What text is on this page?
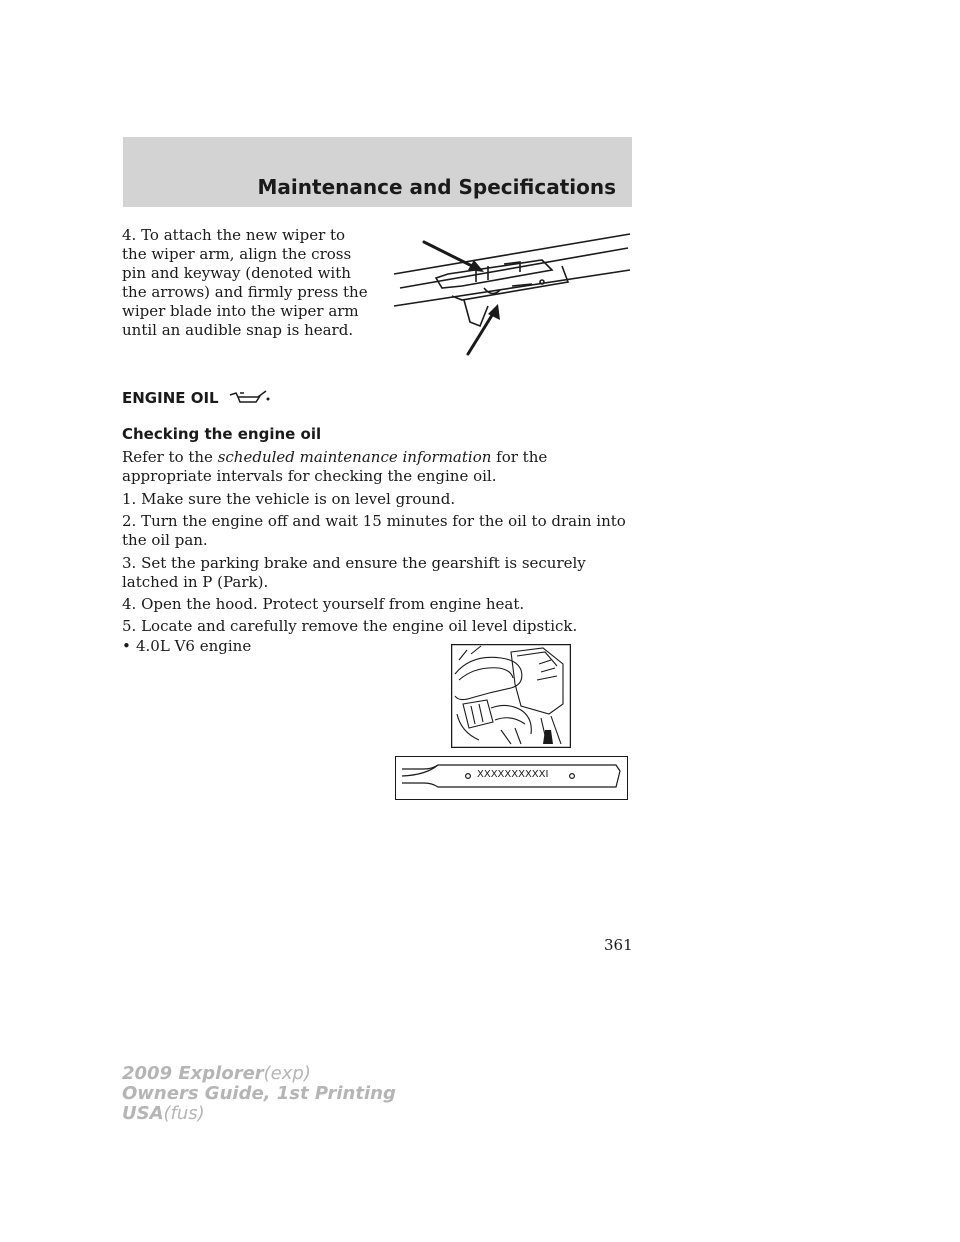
Maintenance and Specifications
4. To attach the new wiper to the wiper arm, align the cross pin and keyway (denoted with the arrows) and firmly press the wiper blade into the wiper arm until an audible snap is heard.
ENGINE OIL
Checking the engine oil
Refer to the scheduled maintenance information for the appropriate intervals for checking the engine oil.
1. Make sure the vehicle is on level ground.
2. Turn the engine off and wait 15 minutes for the oil to drain into the oil pan.
3. Set the parking brake and ensure the gearshift is securely latched in P (Park).
4. Open the hood. Protect yourself from engine heat.
5. Locate and carefully remove the engine oil level dipstick.
• 4.0L V6 engine
XXXXXXXXXXI
361
2009 Explorer(exp)
Owners Guide, 1st Printing
USA(fus)
